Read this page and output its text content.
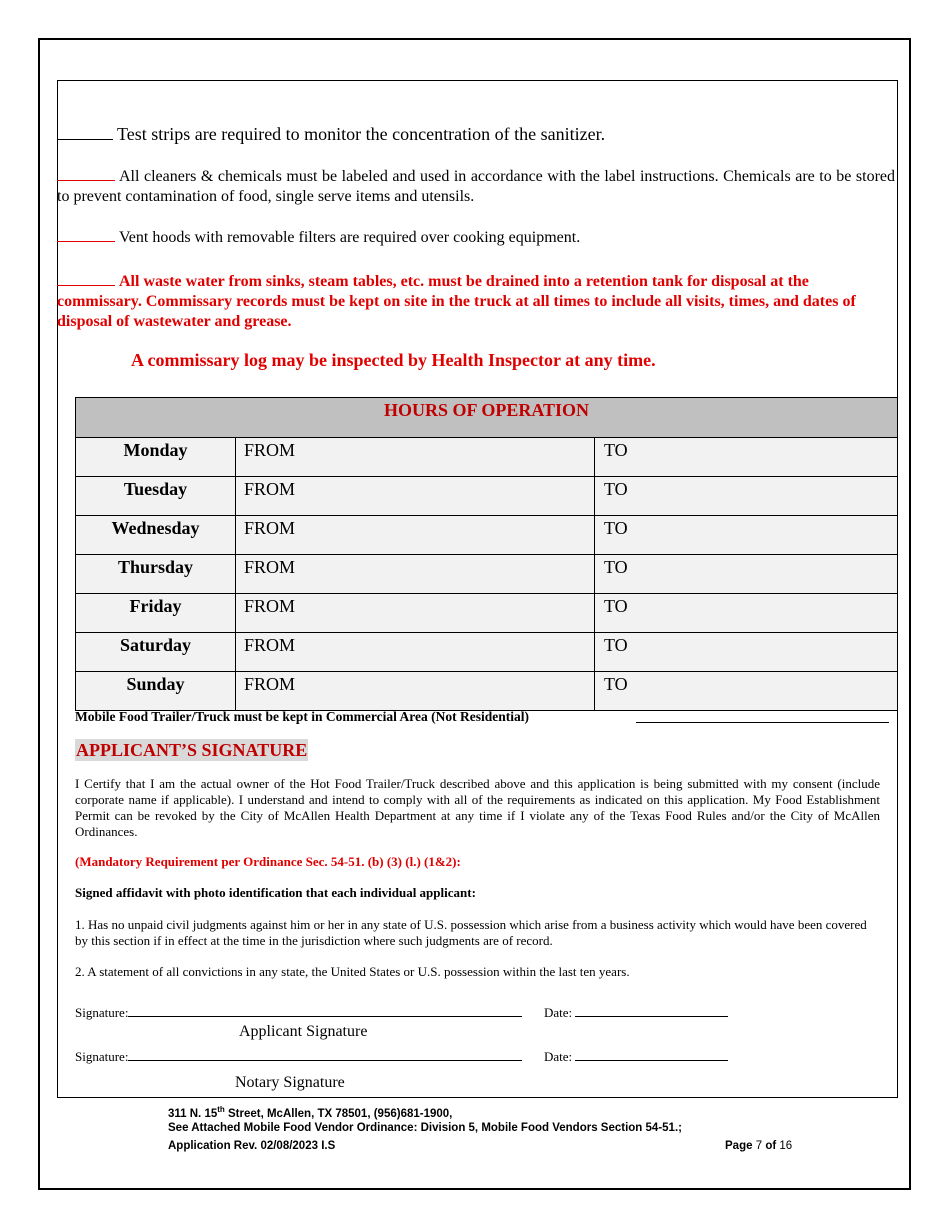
Test strips are required to monitor the concentration of the sanitizer.
All cleaners & chemicals must be labeled and used in accordance with the label instructions. Chemicals are to be stored to prevent contamination of food, single serve items and utensils.
Vent hoods with removable filters are required over cooking equipment.
All waste water from sinks, steam tables, etc. must be drained into a retention tank for disposal at the commissary. Commissary records must be kept on site in the truck at all times to include all visits, times, and dates of disposal of wastewater and grease.
A commissary log may be inspected by Health Inspector at any time.
HOURS OF OPERATION		
Monday	FROM	TO
Tuesday	FROM	TO
Wednesday	FROM	TO
Thursday	FROM	TO
Friday	FROM	TO
Saturday	FROM	TO
Sunday	FROM	TO
Mobile Food Trailer/Truck must be kept in Commercial Area (Not Residential)
APPLICANT’S SIGNATURE
I Certify that I am the actual owner of the Hot Food Trailer/Truck described above and this application is being submitted with my consent (include corporate name if applicable). I understand and intend to comply with all of the requirements as indicated on this application. My Food Establishment Permit can be revoked by the City of McAllen Health Department at any time if I violate any of the Texas Food Rules and/or the City of McAllen Ordinances.
(Mandatory Requirement per Ordinance Sec. 54-51. (b) (3) (l.) (1&2):
Signed affidavit with photo identification that each individual applicant:
1. Has no unpaid civil judgments against him or her in any state of U.S. possession which arise from a business activity which would have been covered by this section if in effect at the time in the jurisdiction where such judgments are of record.
2. A statement of all convictions in any state, the United States or U.S. possession within the last ten years.
Signature:	Date:
Applicant Signature
Signature:	Date:
Notary Signature
311 N. 15th Street, McAllen, TX 78501, (956)681-1900,
See Attached Mobile Food Vendor Ordinance: Division 5, Mobile Food Vendors Section 54-51.;
Application Rev. 02/08/2023 I.S	Page 7 of 16
